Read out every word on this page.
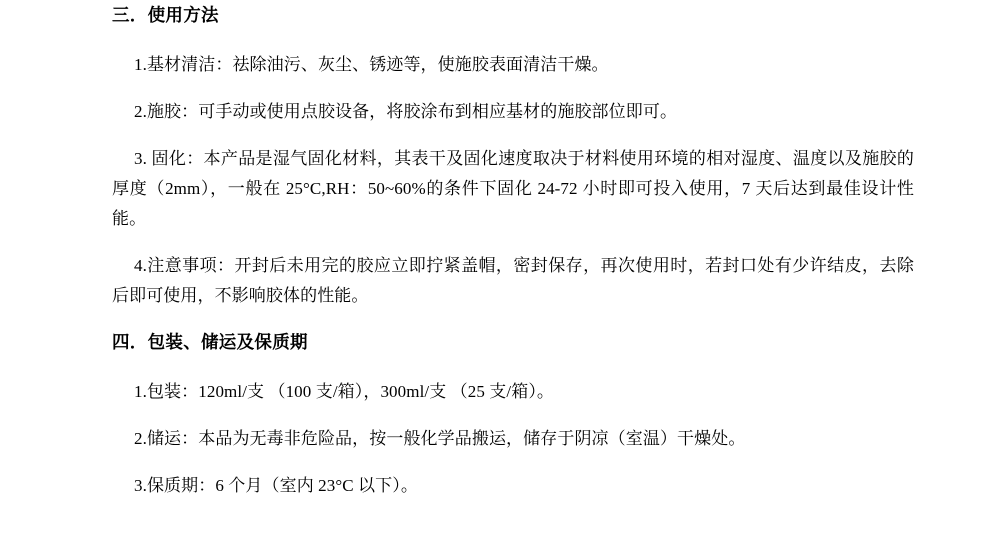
三．使用方法

1.基材清洁：祛除油污、灰尘、锈迹等，使施胶表面清洁干燥。

2.施胶：可手动或使用点胶设备，将胶涂布到相应基材的施胶部位即可。

3. 固化：本产品是湿气固化材料，其表干及固化速度取决于材料使用环境的相对湿度、温度以及施胶的厚度（2mm），一般在 25°C,RH：50~60%的条件下固化 24-72 小时即可投入使用，7 天后达到最佳设计性能。

4.注意事项：开封后未用完的胶应立即拧紧盖帽，密封保存，再次使用时，若封口处有少许结皮，去除后即可使用，不影响胶体的性能。

四．包装、储运及保质期

1.包装：120ml/支 （100 支/箱），300ml/支 （25 支/箱）。

2.储运：本品为无毒非危险品，按一般化学品搬运，储存于阴凉（室温）干燥处。

3.保质期：6 个月（室内 23°C 以下）。
